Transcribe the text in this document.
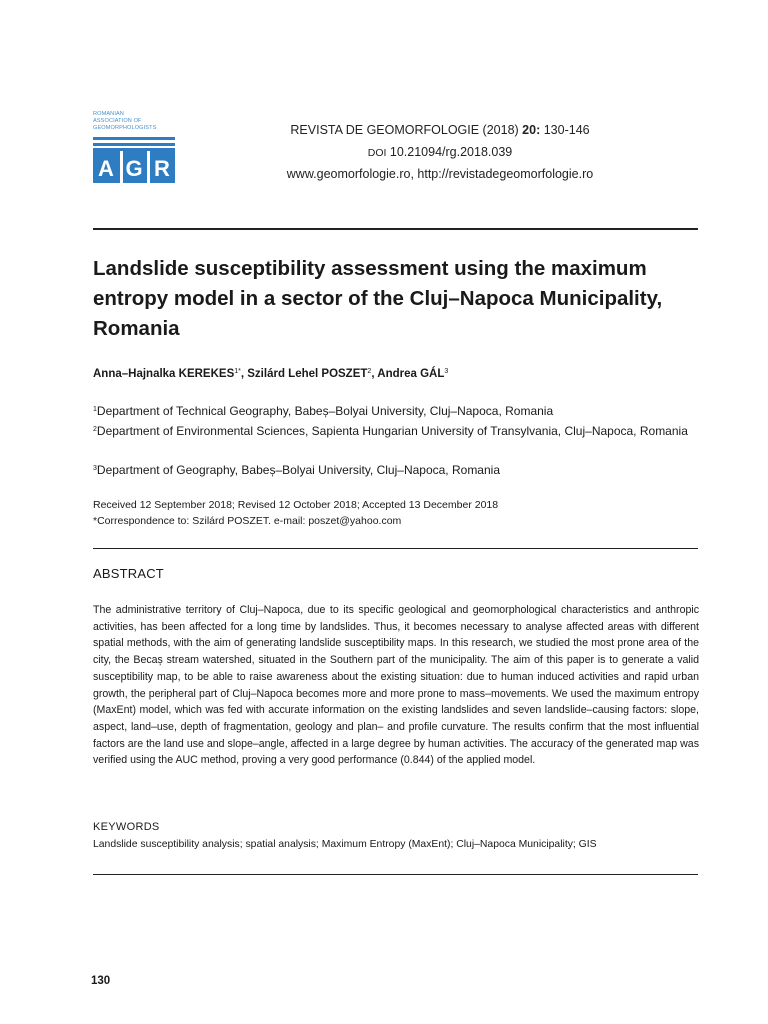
ROMANIAN
ASSOCIATION OF
GEOMORPHOLOGISTS
A G R
REVISTA DE GEOMORFOLOGIE (2018) 20: 130-146
DOI 10.21094/rg.2018.039
www.geomorfologie.ro, http://revistadegeomorfologie.ro
Landslide susceptibility assessment using the maximum entropy model in a sector of the Cluj–Napoca Municipality, Romania
Anna–Hajnalka $KEREKES^{1*}$, Szilárd Lehel POSZET$^2$, Andrea GÁL$^3$
$^1$Department of Technical Geography, Babeș–Bolyai University, Cluj–Napoca, Romania
$^2$Department of Environmental Sciences, Sapienta Hungarian University of Transylvania, Cluj–Napoca, Romania
$^3$Department of Geography, Babeș–Bolyai University, Cluj–Napoca, Romania
Received 12 September 2018; Revised 12 October 2018; Accepted 13 December 2018
*Correspondence to: Szilárd POSZET. e-mail: poszet@yahoo.com
ABSTRACT
The administrative territory of Cluj–Napoca, due to its specific geological and geomorphological characteristics and anthropic activities, has been affected for a long time by landslides. Thus, it becomes necessary to analyse affected areas with different spatial methods, with the aim of generating landslide susceptibility maps. In this research, we studied the most prone area of the city, the Becaș stream watershed, situated in the Southern part of the municipality. The aim of this paper is to generate a valid susceptibility map, to be able to raise awareness about the existing situation: due to human induced activities and rapid urban growth, the peripheral part of Cluj–Napoca becomes more and more prone to mass–movements. We used the maximum entropy (MaxEnt) model, which was fed with accurate information on the existing landslides and seven landslide–causing factors: slope, aspect, land–use, depth of fragmentation, geology and plan– and profile curvature. The results confirm that the most influential factors are the land use and slope–angle, affected in a large degree by human activities. The accuracy of the generated map was verified using the AUC method, proving a very good performance (0.844) of the applied model.
KEYWORDS
Landslide susceptibility analysis; spatial analysis; Maximum Entropy (MaxEnt); Cluj–Napoca Municipality; GIS
130
